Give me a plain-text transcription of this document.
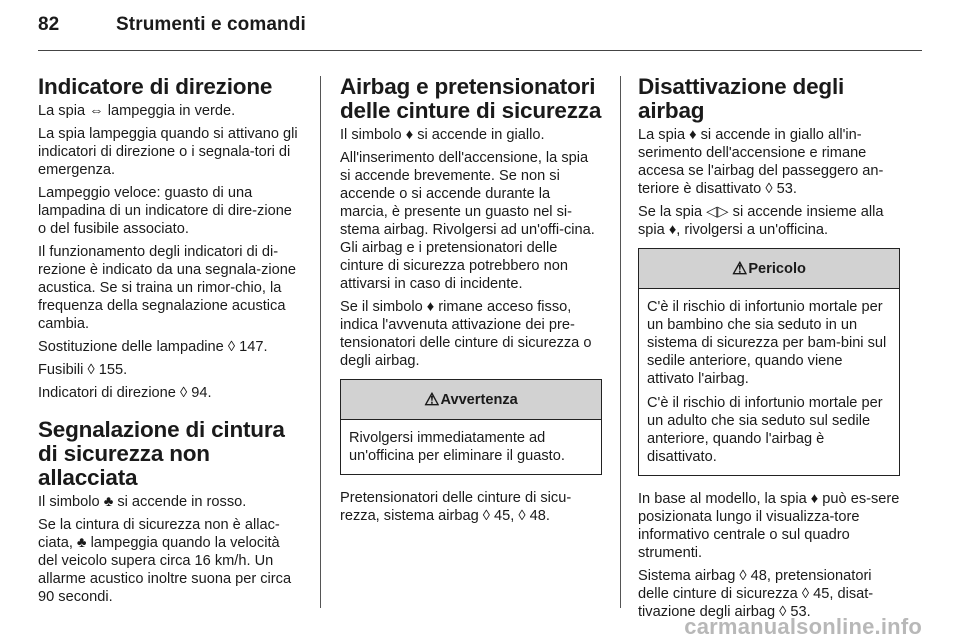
82	Strumenti e comandi
Indicatore di direzione

La spia ⇔ lampeggia in verde.

La spia lampeggia quando si attivano gli indicatori di direzione o i segnala-tori di emergenza.

Lampeggio veloce: guasto di una lampadina di un indicatore di dire-zione o del fusibile associato.

Il funzionamento degli indicatori di di-rezione è indicato da una segnala-zione acustica. Se si traina un rimor-chio, la frequenza della segnalazione acustica cambia.

Sostituzione delle lampadine ◊ 147.

Fusibili ◊ 155.

Indicatori di direzione ◊ 94.

Segnalazione di cintura di sicurezza non allacciata

Il simbolo ♣ si accende in rosso.

Se la cintura di sicurezza non è allac-ciata, ♣ lampeggia quando la velocità del veicolo supera circa 16 km/h. Un allarme acustico inoltre suona per circa 90 secondi.

Airbag e pretensionatori delle cinture di sicurezza

Il simbolo ♦ si accende in giallo.

All'inserimento dell'accensione, la spia si accende brevemente. Se non si accende o si accende durante la marcia, è presente un guasto nel si-stema airbag. Rivolgersi ad un'offi-cina. Gli airbag e i pretensionatori delle cinture di sicurezza potrebbero non attivarsi in caso di incidente.

Se il simbolo ♦ rimane acceso fisso, indica l'avvenuta attivazione dei pre-tensionatori delle cinture di sicurezza o degli airbag.

⚠ Avvertenza

Rivolgersi immediatamente ad un'officina per eliminare il guasto.

Pretensionatori delle cinture di sicu-rezza, sistema airbag ◊ 45, ◊ 48.

Disattivazione degli airbag

La spia ♦ si accende in giallo all'in-serimento dell'accensione e rimane accesa se l'airbag del passeggero an-teriore è disattivato ◊ 53.

Se la spia ◁▷ si accende insieme alla spia ♦, rivolgersi a un'officina.

⚠ Pericolo

C'è il rischio di infortunio mortale per un bambino che sia seduto in un sistema di sicurezza per bam-bini sul sedile anteriore, quando viene attivato l'airbag.

C'è il rischio di infortunio mortale per un adulto che sia seduto sul sedile anteriore, quando l'airbag è disattivato.

In base al modello, la spia ♦ può es-sere posizionata lungo il visualizza-tore informativo centrale o sul quadro strumenti.

Sistema airbag ◊ 48, pretensionatori delle cinture di sicurezza ◊ 45, disat-tivazione degli airbag ◊ 53.

carmanualsonline.info
